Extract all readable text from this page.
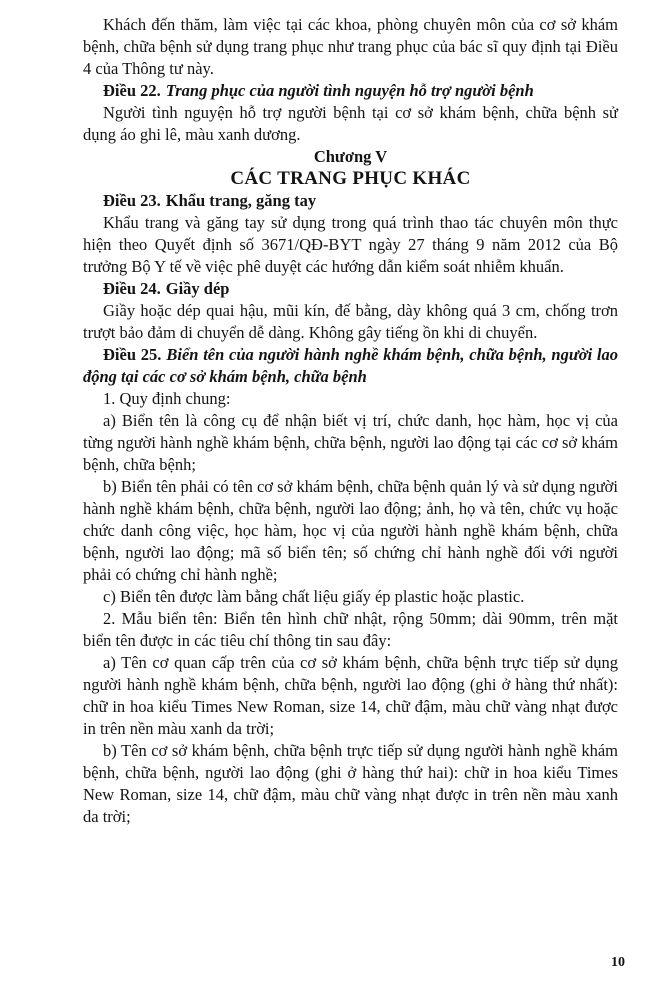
Khách đến thăm, làm việc tại các khoa, phòng chuyên môn của cơ sở khám bệnh, chữa bệnh sử dụng trang phục như trang phục của bác sĩ quy định tại Điều 4 của Thông tư này.

Điều 22. Trang phục của người tình nguyện hỗ trợ người bệnh

Người tình nguyện hỗ trợ người bệnh tại cơ sở khám bệnh, chữa bệnh sử dụng áo ghi lê, màu xanh dương.

Chương V

CÁC TRANG PHỤC KHÁC

Điều 23. Khẩu trang, găng tay

Khẩu trang và găng tay sử dụng trong quá trình thao tác chuyên môn thực hiện theo Quyết định số 3671/QĐ-BYT ngày 27 tháng 9 năm 2012 của Bộ trưởng Bộ Y tế về việc phê duyệt các hướng dẫn kiểm soát nhiễm khuẩn.

Điều 24. Giầy dép

Giầy hoặc dép quai hậu, mũi kín, đế bằng, dày không quá 3 cm, chống trơn trượt bảo đảm di chuyển dễ dàng. Không gây tiếng ồn khi di chuyển.

Điều 25. Biển tên của người hành nghề khám bệnh, chữa bệnh, người lao động tại các cơ sở khám bệnh, chữa bệnh

1. Quy định chung:

a) Biển tên là công cụ để nhận biết vị trí, chức danh, học hàm, học vị của từng người hành nghề khám bệnh, chữa bệnh, người lao động tại các cơ sở khám bệnh, chữa bệnh;

b) Biển tên phải có tên cơ sở khám bệnh, chữa bệnh quản lý và sử dụng người hành nghề khám bệnh, chữa bệnh, người lao động; ảnh, họ và tên, chức vụ hoặc chức danh công việc, học hàm, học vị của người hành nghề khám bệnh, chữa bệnh, người lao động; mã số biển tên; số chứng chỉ hành nghề đối với người phải có chứng chỉ hành nghề;

c) Biển tên được làm bằng chất liệu giấy ép plastic hoặc plastic.

2. Mẫu biển tên: Biển tên hình chữ nhật, rộng 50mm; dài 90mm, trên mặt biển tên được in các tiêu chí thông tin sau đây:

a) Tên cơ quan cấp trên của cơ sở khám bệnh, chữa bệnh trực tiếp sử dụng người hành nghề khám bệnh, chữa bệnh, người lao động (ghi ở hàng thứ nhất): chữ in hoa kiểu Times New Roman, size 14, chữ đậm, màu chữ vàng nhạt được in trên nền màu xanh da trời;

b) Tên cơ sở khám bệnh, chữa bệnh trực tiếp sử dụng người hành nghề khám bệnh, chữa bệnh, người lao động (ghi ở hàng thứ hai): chữ in hoa kiểu Times New Roman, size 14, chữ đậm, màu chữ vàng nhạt được in trên nền màu xanh da trời;

10
